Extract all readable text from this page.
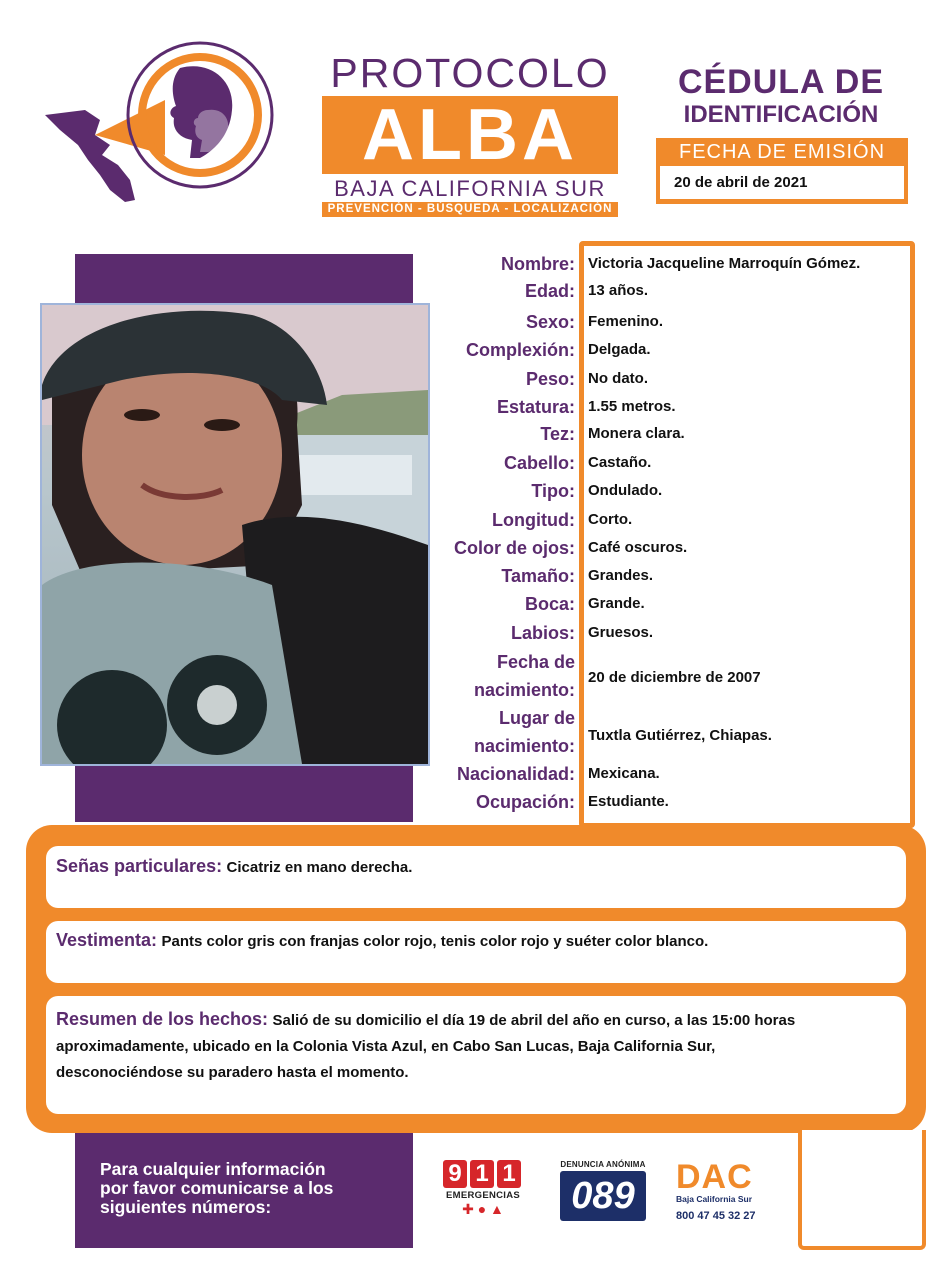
PROTOCOLO
ALBA
BAJA CALIFORNIA SUR
PREVENCIÓN - BÚSQUEDA - LOCALIZACIÓN
CÉDULA DE
IDENTIFICACIÓN
FECHA DE EMISIÓN
20 de abril de 2021
Nombre: Victoria Jacqueline Marroquín Gómez.
Edad: 13 años.
Sexo: Femenino.
Complexión: Delgada.
Peso: No dato.
Estatura: 1.55 metros.
Tez: Monera clara.
Cabello: Castaño.
Tipo: Ondulado.
Longitud: Corto.
Color de ojos: Café oscuros.
Tamaño: Grandes.
Boca: Grande.
Labios: Gruesos.
Fecha de
nacimiento:
20 de diciembre de 2007
Lugar de
nacimiento:
Tuxtla Gutiérrez, Chiapas.
Nacionalidad: Mexicana.
Ocupación: Estudiante.
Señas particulares: Cicatriz en mano derecha.
Vestimenta: Pants color gris con franjas color rojo, tenis color rojo y suéter color blanco.
Resumen de los hechos: Salió de su domicilio el día 19 de abril del año en curso, a las 15:00 horas
aproximadamente, ubicado en la Colonia Vista Azul, en Cabo San Lucas, Baja California Sur,
desconociéndose su paradero hasta el momento.
Para cualquier información
por favor comunicarse a los
siguientes números:
9 1 1
EMERGENCIAS
✚ ● ▲
DENUNCIA ANÓNIMA
089	DAC
Baja California Sur
800 47 45 32 27
